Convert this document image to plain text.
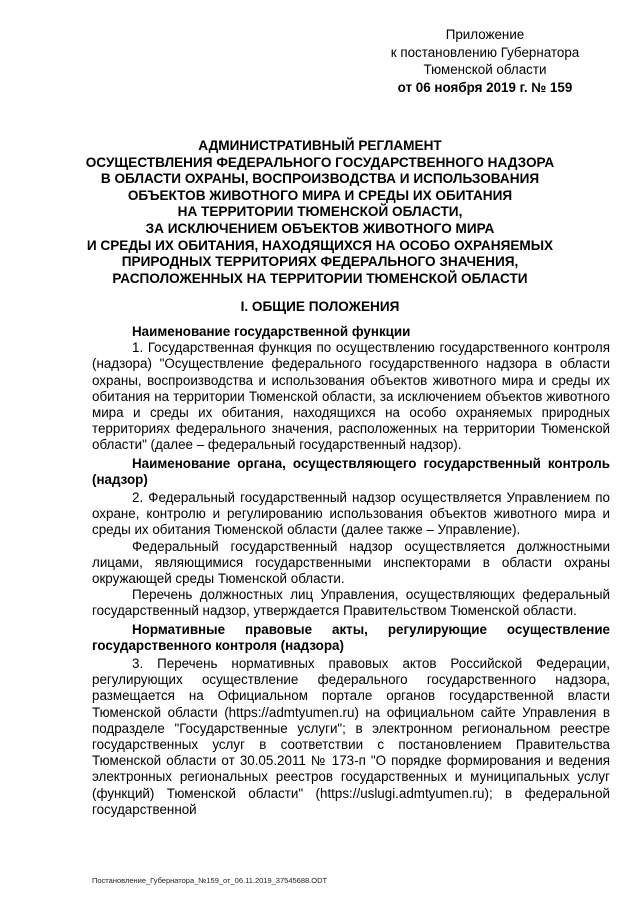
Приложение
к постановлению Губернатора
Тюменской области
от 06 ноября 2019 г. № 159
АДМИНИСТРАТИВНЫЙ РЕГЛАМЕНТ
ОСУЩЕСТВЛЕНИЯ ФЕДЕРАЛЬНОГО ГОСУДАРСТВЕННОГО НАДЗОРА
В ОБЛАСТИ ОХРАНЫ, ВОСПРОИЗВОДСТВА И ИСПОЛЬЗОВАНИЯ
ОБЪЕКТОВ ЖИВОТНОГО МИРА И СРЕДЫ ИХ ОБИТАНИЯ
НА ТЕРРИТОРИИ ТЮМЕНСКОЙ ОБЛАСТИ,
ЗА ИСКЛЮЧЕНИЕМ ОБЪЕКТОВ ЖИВОТНОГО МИРА
И СРЕДЫ ИХ ОБИТАНИЯ, НАХОДЯЩИХСЯ НА ОСОБО ОХРАНЯЕМЫХ
ПРИРОДНЫХ ТЕРРИТОРИЯХ ФЕДЕРАЛЬНОГО ЗНАЧЕНИЯ,
РАСПОЛОЖЕННЫХ НА ТЕРРИТОРИИ ТЮМЕНСКОЙ ОБЛАСТИ
I. ОБЩИЕ ПОЛОЖЕНИЯ

Наименование государственной функции

1. Государственная функция по осуществлению государственного контроля (надзора) "Осуществление федерального государственного надзора в области охраны, воспроизводства и использования объектов животного мира и среды их обитания на территории Тюменской области, за исключением объектов животного мира и среды их обитания, находящихся на особо охраняемых природных территориях федерального значения, расположенных на территории Тюменской области" (далее – федеральный государственный надзор).

Наименование органа, осуществляющего государственный контроль (надзор)

2. Федеральный государственный надзор осуществляется Управлением по охране, контролю и регулированию использования объектов животного мира и среды их обитания Тюменской области (далее также – Управление).

Федеральный государственный надзор осуществляется должностными лицами, являющимися государственными инспекторами в области охраны окружающей среды Тюменской области.

Перечень должностных лиц Управления, осуществляющих федеральный государственный надзор, утверждается Правительством Тюменской области.

Нормативные правовые акты, регулирующие осуществление государственного контроля (надзора)

3. Перечень нормативных правовых актов Российской Федерации, регулирующих осуществление федерального государственного надзора, размещается на Официальном портале органов государственной власти Тюменской области (https://admtyumen.ru) на официальном сайте Управления в подразделе "Государственные услуги"; в электронном региональном реестре государственных услуг в соответствии с постановлением Правительства Тюменской области от 30.05.2011 № 173-п "О порядке формирования и ведения электронных региональных реестров государственных и муниципальных услуг (функций) Тюменской области" (https://uslugi.admtyumen.ru); в федеральной государственной

Постановление_Губернатора_№159_от_06.11.2019_37545688.ODT
